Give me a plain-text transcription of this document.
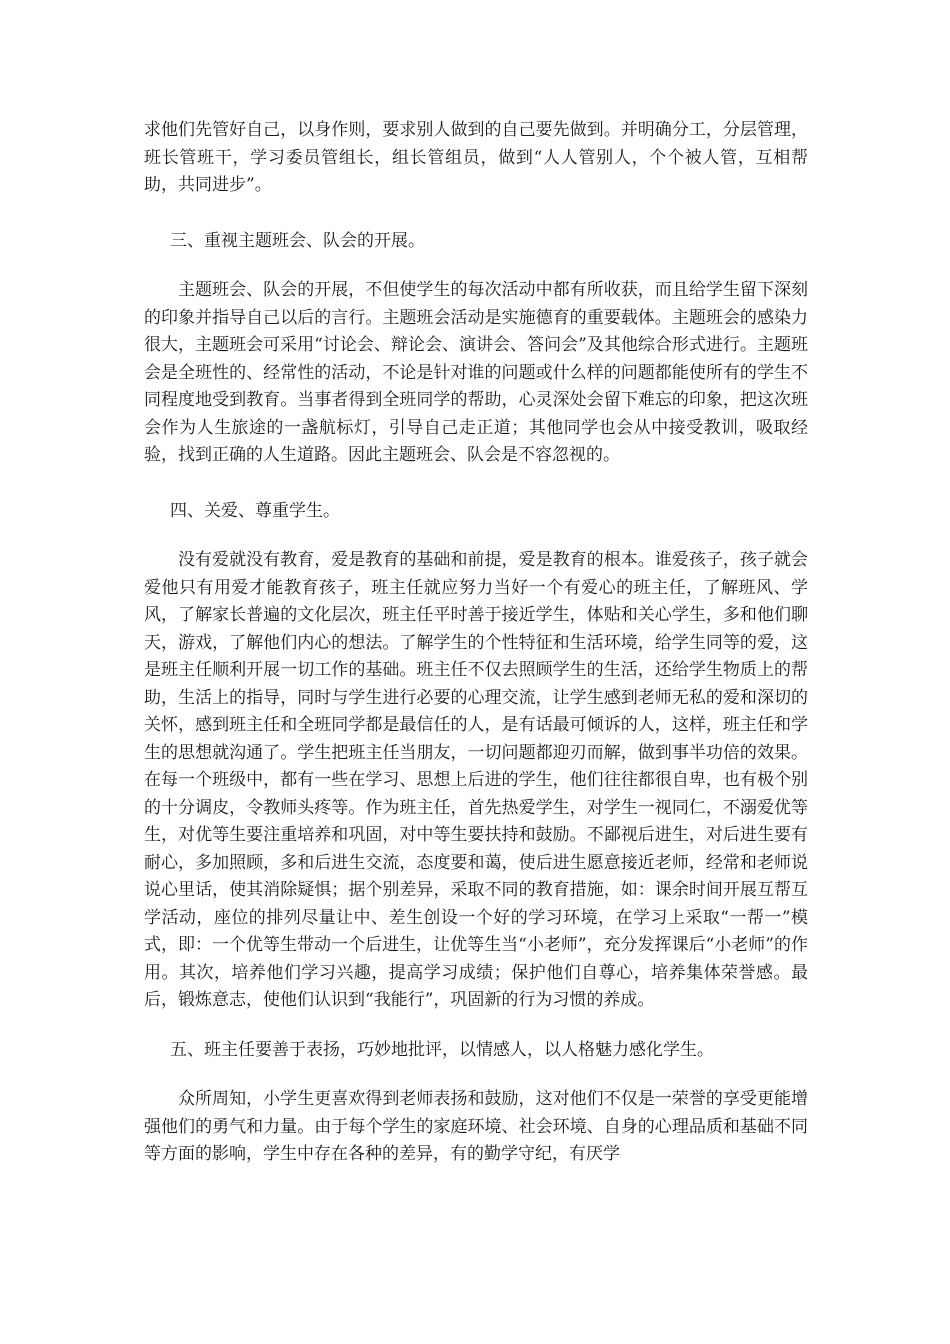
求他们先管好自己，以身作则，要求别人做到的自己要先做到。并明确分工，分层管理，班长管班干，学习委员管组长，组长管组员，做到“人人管别人，个个被人管，互相帮助，共同进步”。

三、重视主题班会、队会的开展。

主题班会、队会的开展，不但使学生的每次活动中都有所收获，而且给学生留下深刻的印象并指导自己以后的言行。主题班会活动是实施德育的重要载体。主题班会的感染力很大，主题班会可采用“讨论会、辩论会、演讲会、答问会”及其他综合形式进行。主题班会是全班性的、经常性的活动，不论是针对谁的问题或什么样的问题都能使所有的学生不同程度地受到教育。当事者得到全班同学的帮助，心灵深处会留下难忘的印象，把这次班会作为人生旅途的一盏航标灯，引导自己走正道；其他同学也会从中接受教训，吸取经验，找到正确的人生道路。因此主题班会、队会是不容忽视的。

四、关爱、尊重学生。

没有爱就没有教育，爱是教育的基础和前提，爱是教育的根本。谁爱孩子，孩子就会爱他只有用爱才能教育孩子，班主任就应努力当好一个有爱心的班主任，了解班风、学风，了解家长普遍的文化层次，班主任平时善于接近学生，体贴和关心学生，多和他们聊天，游戏，了解他们内心的想法。了解学生的个性特征和生活环境，给学生同等的爱，这是班主任顺利开展一切工作的基础。班主任不仅去照顾学生的生活，还给学生物质上的帮助，生活上的指导，同时与学生进行必要的心理交流，让学生感到老师无私的爱和深切的关怀，感到班主任和全班同学都是最信任的人，是有话最可倾诉的人，这样，班主任和学生的思想就沟通了。学生把班主任当朋友，一切问题都迎刃而解，做到事半功倍的效果。在每一个班级中，都有一些在学习、思想上后进的学生，他们往往都很自卑，也有极个别的十分调皮，令教师头疼等。作为班主任，首先热爱学生，对学生一视同仁，不溺爱优等生，对优等生要注重培养和巩固，对中等生要扶持和鼓励。不鄙视后进生，对后进生要有耐心，多加照顾，多和后进生交流，态度要和蔼，使后进生愿意接近老师，经常和老师说说心里话，使其消除疑惧；据个别差异，采取不同的教育措施，如：课余时间开展互帮互学活动，座位的排列尽量让中、差生创设一个好的学习环境，在学习上采取“一帮一”模式，即：一个优等生带动一个后进生，让优等生当“小老师”，充分发挥课后“小老师”的作用。其次，培养他们学习兴趣，提高学习成绩；保护他们自尊心，培养集体荣誉感。最后，锻炼意志，使他们认识到“我能行”，巩固新的行为习惯的养成。

五、班主任要善于表扬，巧妙地批评，以情感人，以人格魅力感化学生。

众所周知，小学生更喜欢得到老师表扬和鼓励，这对他们不仅是一荣誉的享受更能增强他们的勇气和力量。由于每个学生的家庭环境、社会环境、自身的心理品质和基础不同等方面的影响，学生中存在各种的差异，有的勤学守纪，有厌学
